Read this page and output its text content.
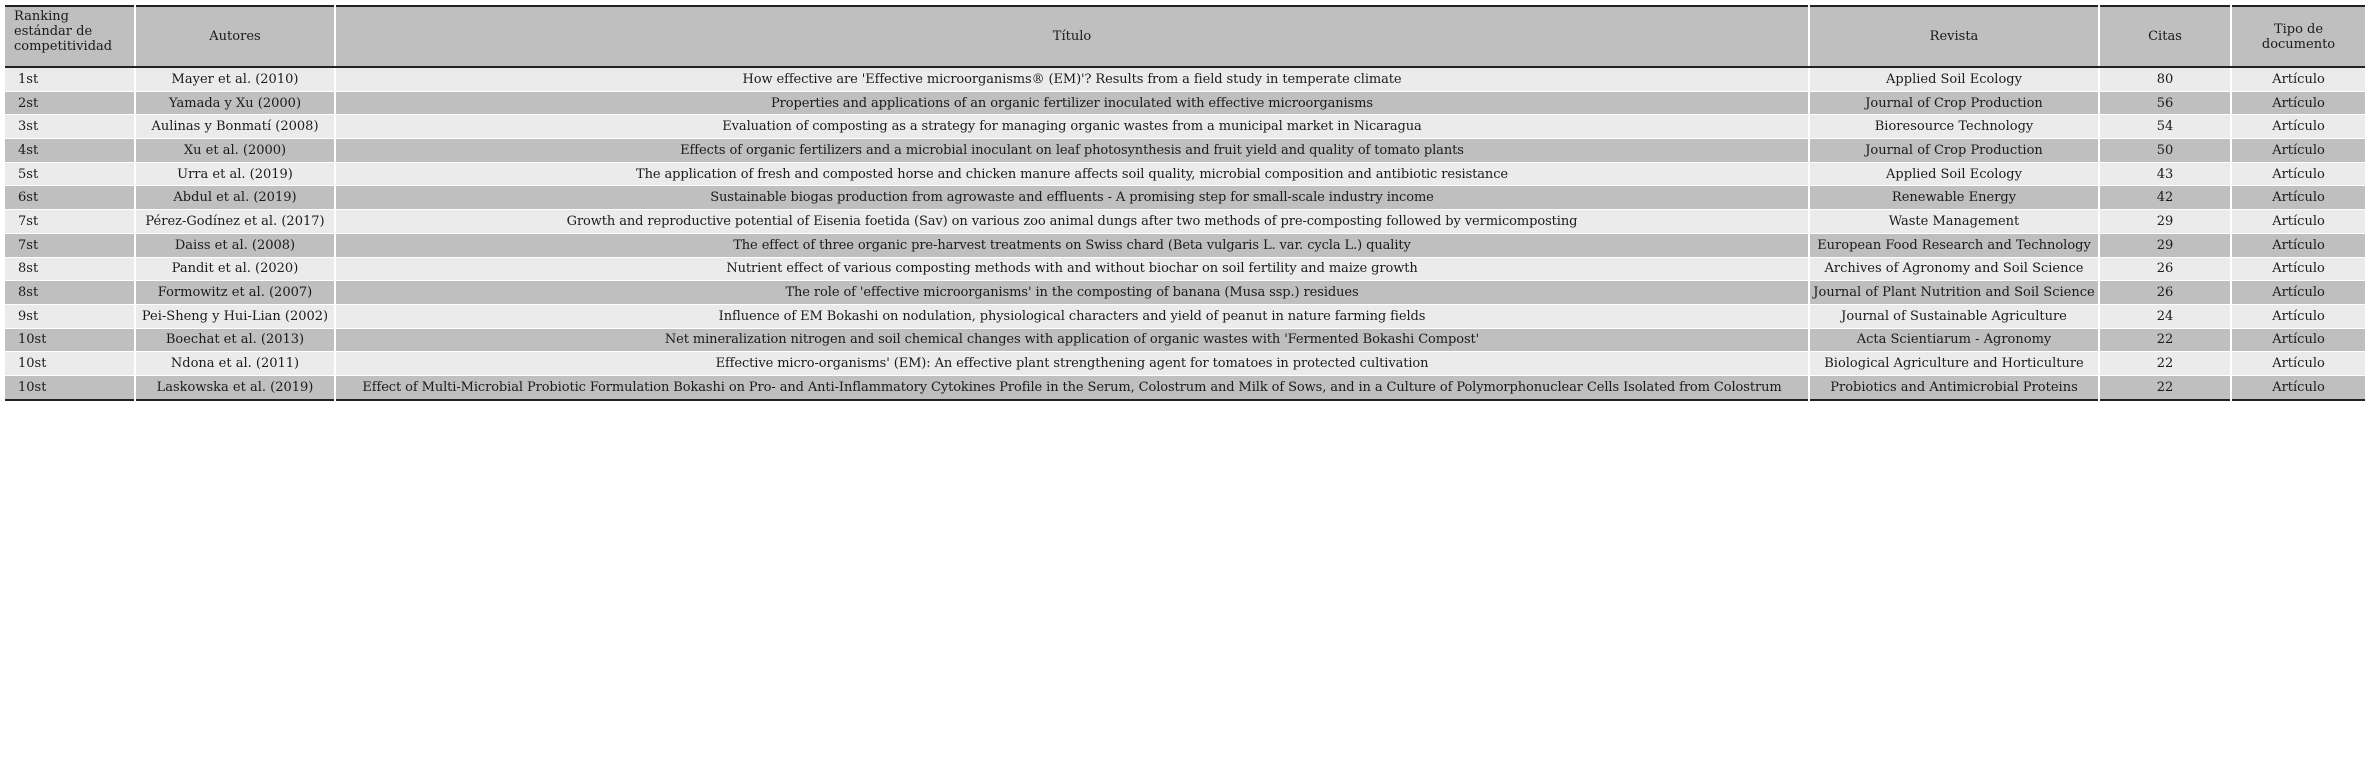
Ranking estándar de competitividad	Autores	Título	Revista	Citas	Tipo de documento
1st	Mayer et al. (2010)	How effective are 'Effective microorganisms® (EM)'? Results from a field study in temperate climate	Applied Soil Ecology	80	Artículo
2st	Yamada y Xu (2000)	Properties and applications of an organic fertilizer inoculated with effective microorganisms	Journal of Crop Production	56	Artículo
3st	Aulinas y Bonmatí (2008)	Evaluation of composting as a strategy for managing organic wastes from a municipal market in Nicaragua	Bioresource Technology	54	Artículo
4st	Xu et al. (2000)	Effects of organic fertilizers and a microbial inoculant on leaf photosynthesis and fruit yield and quality of tomato plants	Journal of Crop Production	50	Artículo
5st	Urra et al. (2019)	The application of fresh and composted horse and chicken manure affects soil quality, microbial composition and antibiotic resistance	Applied Soil Ecology	43	Artículo
6st	Abdul et al. (2019)	Sustainable biogas production from agrowaste and effluents - A promising step for small-scale industry income	Renewable Energy	42	Artículo
7st	Pérez-Godínez et al. (2017)	Growth and reproductive potential of Eisenia foetida (Sav) on various zoo animal dungs after two methods of pre-composting followed by vermicomposting	Waste Management	29	Artículo
7st	Daiss et al. (2008)	The effect of three organic pre-harvest treatments on Swiss chard (Beta vulgaris L. var. cycla L.) quality	European Food Research and Technology	29	Artículo
8st	Pandit et al. (2020)	Nutrient effect of various composting methods with and without biochar on soil fertility and maize growth	Archives of Agronomy and Soil Science	26	Artículo
8st	Formowitz et al. (2007)	The role of 'effective microorganisms' in the composting of banana (Musa ssp.) residues	Journal of Plant Nutrition and Soil Science	26	Artículo
9st	Pei-Sheng y Hui-Lian (2002)	Influence of EM Bokashi on nodulation, physiological characters and yield of peanut in nature farming fields	Journal of Sustainable Agriculture	24	Artículo
10st	Boechat et al. (2013)	Net mineralization nitrogen and soil chemical changes with application of organic wastes with 'Fermented Bokashi Compost'	Acta Scientiarum - Agronomy	22	Artículo
10st	Ndona et al. (2011)	Effective micro-organisms' (EM): An effective plant strengthening agent for tomatoes in protected cultivation	Biological Agriculture and Horticulture	22	Artículo
10st	Laskowska et al. (2019)	Effect of Multi-Microbial Probiotic Formulation Bokashi on Pro- and Anti-Inflammatory Cytokines Profile in the Serum, Colostrum and Milk of Sows, and in a Culture of Polymorphonuclear Cells Isolated from Colostrum	Probiotics and Antimicrobial Proteins	22	Artículo
